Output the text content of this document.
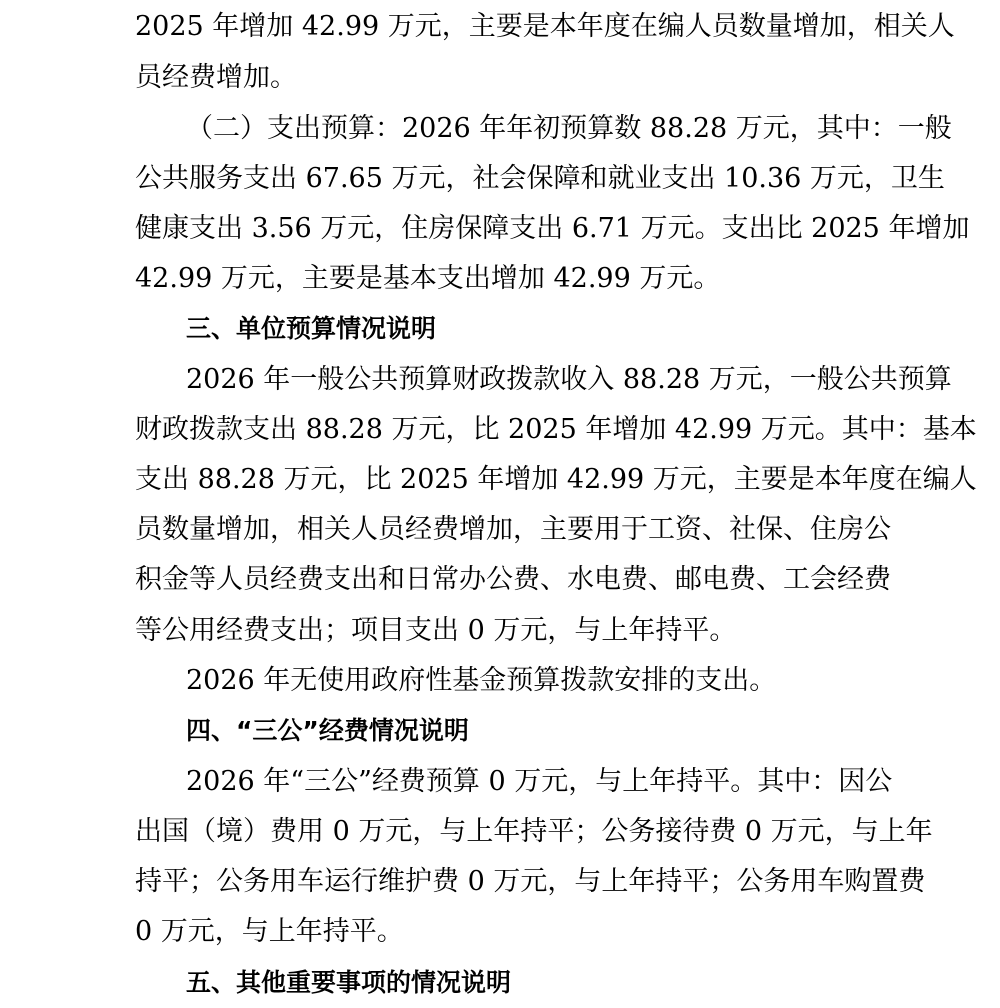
2025 年增加 42.99 万元，主要是本年度在编人员数量增加，相关人
员经费增加。
（二）支出预算：2026 年年初预算数 88.28 万元，其中：一般
公共服务支出 67.65 万元，社会保障和就业支出 10.36 万元，卫生
健康支出 3.56 万元，住房保障支出 6.71 万元。支出比 2025 年增加
42.99 万元，主要是基本支出增加 42.99 万元。
三、单位预算情况说明
2026 年一般公共预算财政拨款收入 88.28 万元，一般公共预算
财政拨款支出 88.28 万元，比 2025 年增加 42.99 万元。其中：基本
支出 88.28 万元，比 2025 年增加 42.99 万元，主要是本年度在编人
员数量增加，相关人员经费增加，主要用于工资、社保、住房公
积金等人员经费支出和日常办公费、水电费、邮电费、工会经费
等公用经费支出；项目支出 0 万元，与上年持平。
2026 年无使用政府性基金预算拨款安排的支出。
四、“三公”经费情况说明
2026 年“三公”经费预算 0 万元，与上年持平。其中：因公
出国（境）费用 0 万元，与上年持平；公务接待费 0 万元，与上年
持平；公务用车运行维护费 0 万元，与上年持平；公务用车购置费
0 万元，与上年持平。
五、其他重要事项的情况说明
